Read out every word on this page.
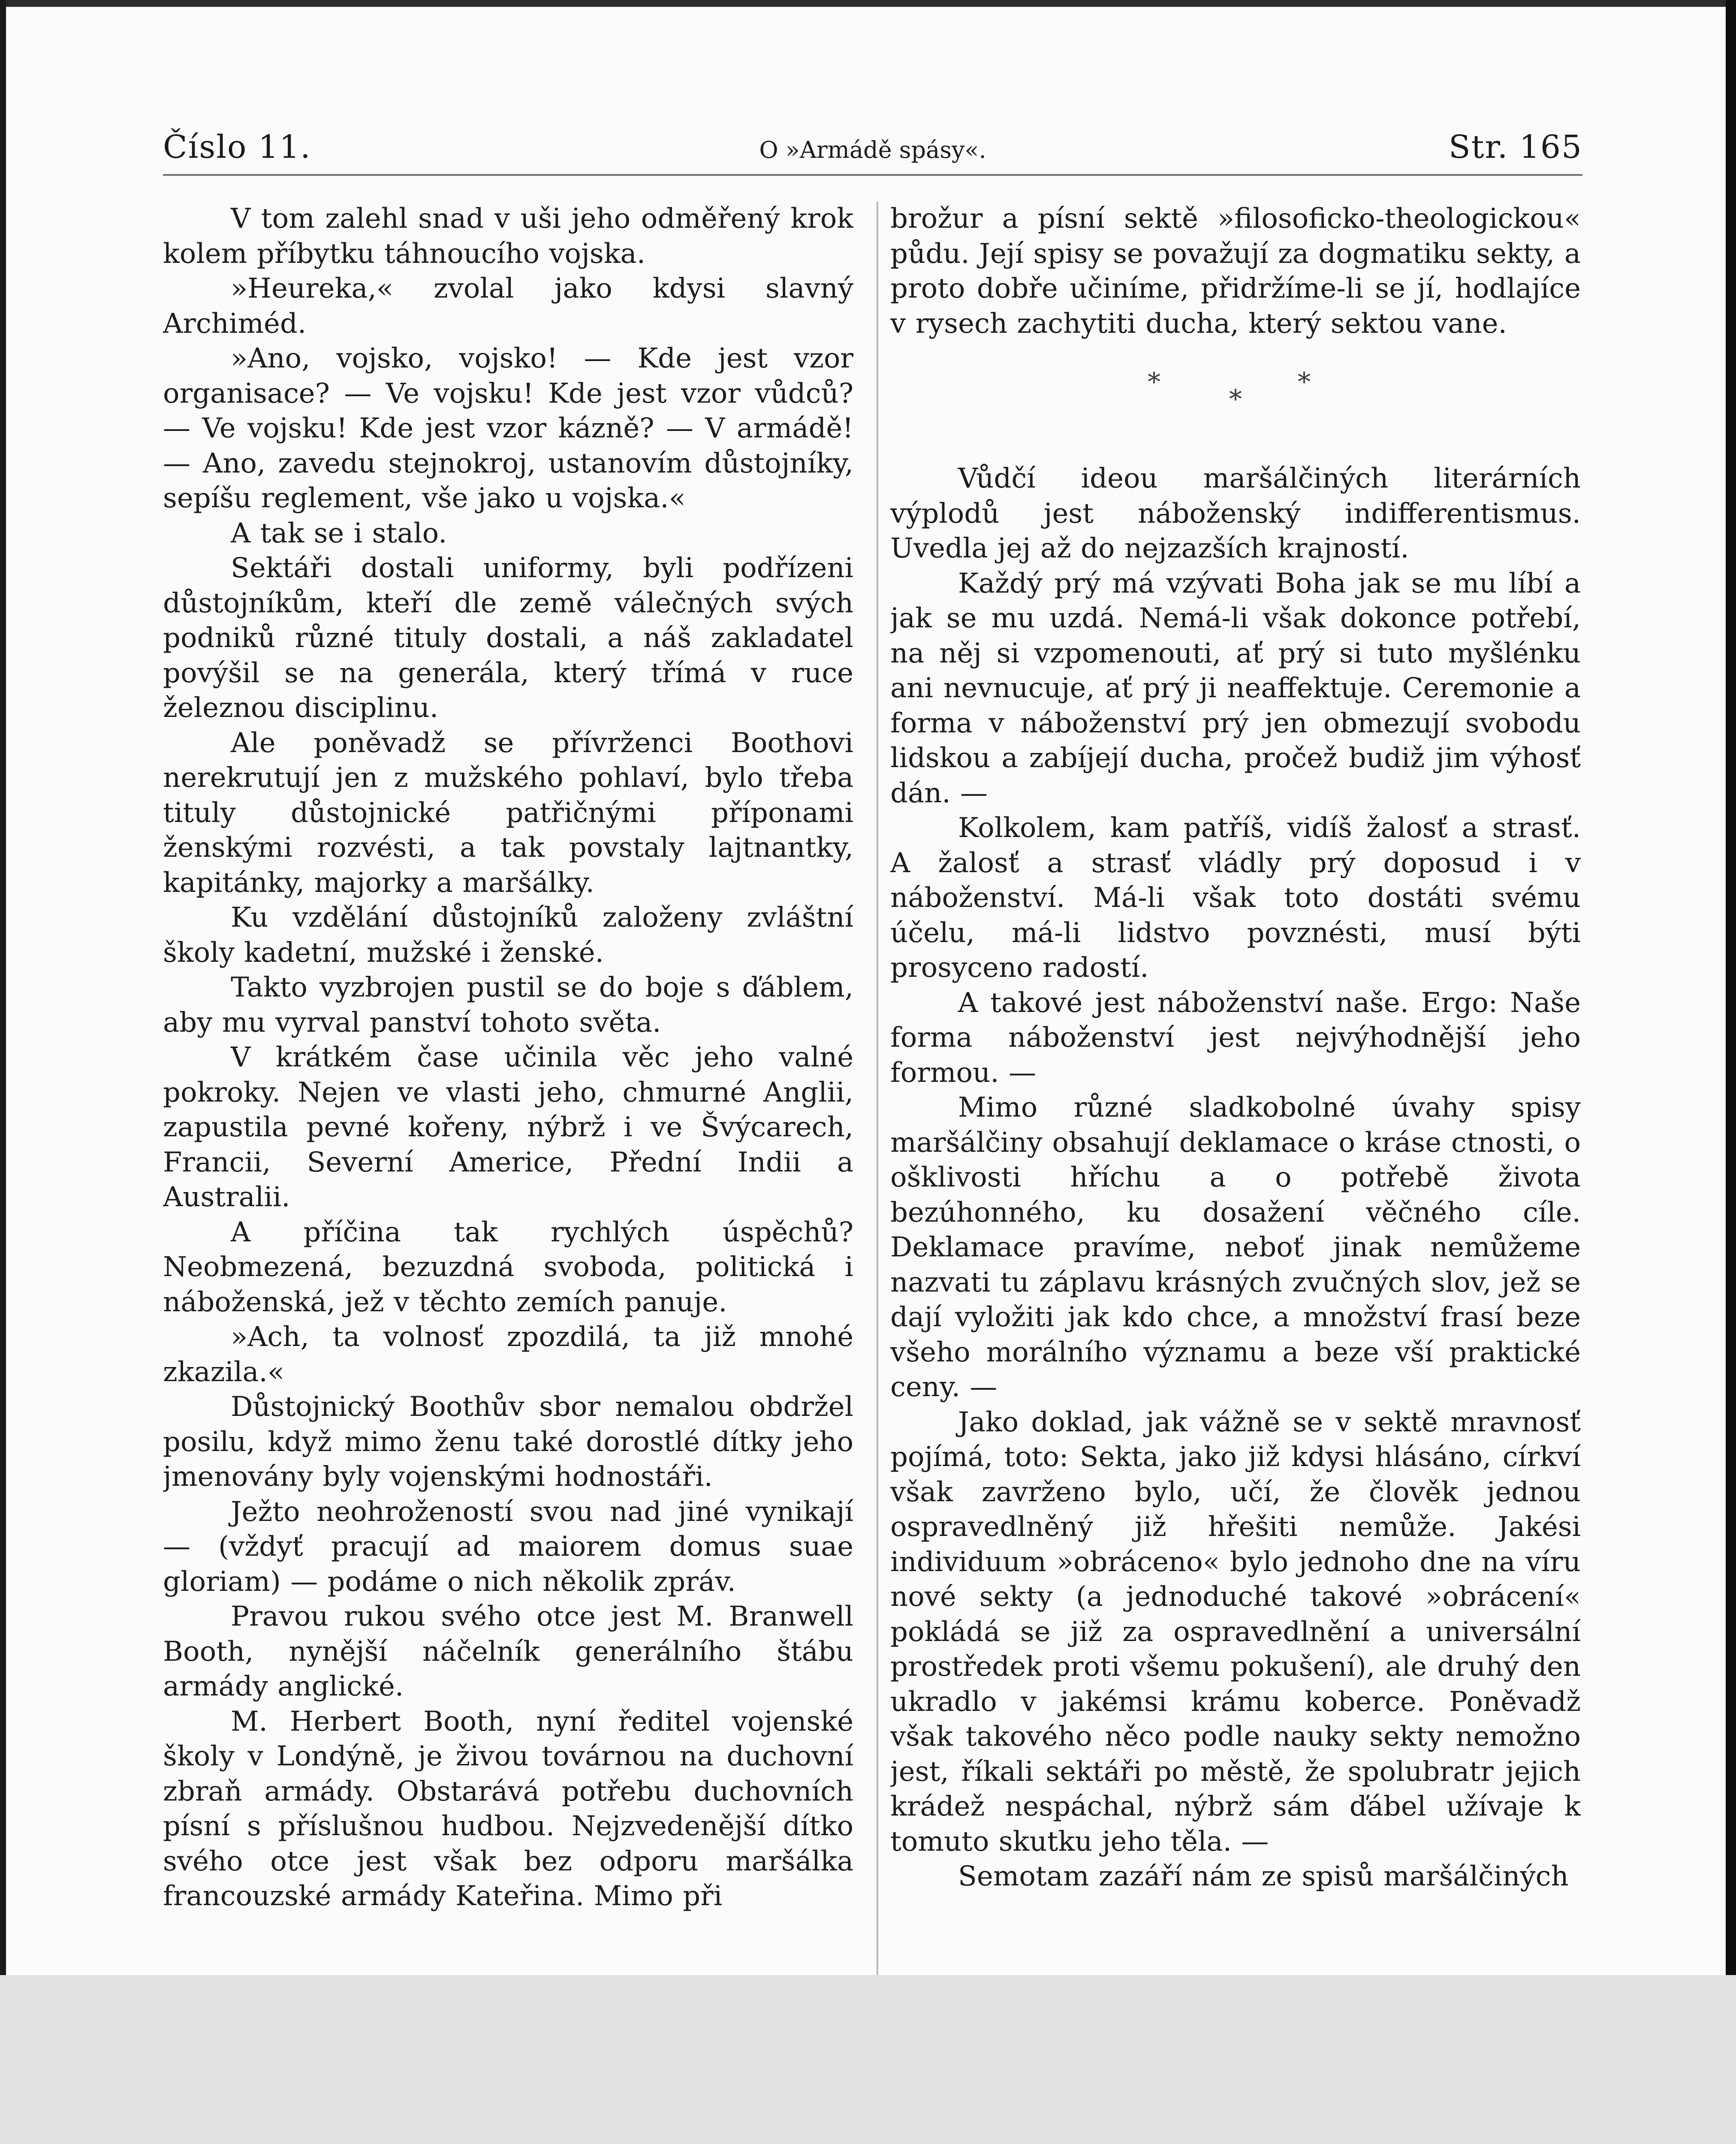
Číslo 11.	O »Armádě spásy«.	Str. 165

V tom zalehl snad v uši jeho odměřený krok kolem příbytku táhnoucího vojska.

»Heureka,« zvolal jako kdysi slavný Archiméd.

»Ano, vojsko, vojsko! — Kde jest vzor organisace? — Ve vojsku! Kde jest vzor vůdců? — Ve vojsku! Kde jest vzor kázně? — V armádě! — Ano, zavedu stejnokroj, ustanovím důstojníky, sepíšu reglement, vše jako u vojska.«

A tak se i stalo.

Sektáři dostali uniformy, byli podřízeni důstojníkům, kteří dle země válečných svých podniků různé tituly dostali, a náš zakladatel povýšil se na generála, který třímá v ruce železnou disciplinu.

Ale poněvadž se přívrženci Boothovi nerekrutují jen z mužského pohlaví, bylo třeba tituly důstojnické patřičnými příponami ženskými rozvésti, a tak povstaly lajtnantky, kapitánky, majorky a maršálky.

Ku vzdělání důstojníků založeny zvláštní školy kadetní, mužské i ženské.

Takto vyzbrojen pustil se do boje s ďáblem, aby mu vyrval panství tohoto světa.

V krátkém čase učinila věc jeho valné pokroky. Nejen ve vlasti jeho, chmurné Anglii, zapustila pevné kořeny, nýbrž i ve Švýcarech, Francii, Severní Americe, Přední Indii a Australii.

A příčina tak rychlých úspěchů? Neobmezená, bezuzdná svoboda, politická i náboženská, jež v těchto zemích panuje.

»Ach, ta volnosť zpozdilá, ta již mnohé zkazila.«

Důstojnický Boothův sbor nemalou obdržel posilu, když mimo ženu také dorostlé dítky jeho jmenovány byly vojenskými hodnostáři.

Ježto neohrožeností svou nad jiné vynikají — (vždyť pracují ad maiorem domus suae gloriam) — podáme o nich několik zpráv.

Pravou rukou svého otce jest M. Branwell Booth, nynější náčelník generálního štábu armády anglické.

M. Herbert Booth, nyní ředitel vojenské školy v Londýně, je živou továrnou na duchovní zbraň armády. Obstarává potřebu duchovních písní s příslušnou hudbou. Nejzvedenější dítko svého otce jest však bez odporu maršálka francouzské armády Kateřina. Mimo při

brožur a písní sektě »filosoficko-theologickou« půdu. Její spisy se považují za dogmatiku sekty, a proto dobře učiníme, přidržíme-li se jí, hodlajíce v rysech zachytiti ducha, který sektou vane.

*
*
*

Vůdčí ideou maršálčiných literárních výplodů jest náboženský indifferentismus. Uvedla jej až do nejzazších krajností.

Každý prý má vzývati Boha jak se mu líbí a jak se mu uzdá. Nemá-li však dokonce potřebí, na něj si vzpomenouti, ať prý si tuto myšlénku ani nevnucuje, ať prý ji neaffektuje. Ceremonie a forma v náboženství prý jen obmezují svobodu lidskou a zabíjejí ducha, pročež budiž jim výhosť dán. —

Kolkolem, kam patříš, vidíš žalosť a strasť. A žalosť a strasť vládly prý doposud i v náboženství. Má-li však toto dostáti svému účelu, má-li lidstvo povznésti, musí býti prosyceno radostí.

A takové jest náboženství naše. Ergo: Naše forma náboženství jest nejvýhodnější jeho formou. —

Mimo různé sladkobolné úvahy spisy maršálčiny obsahují deklamace o kráse ctnosti, o ošklivosti hříchu a o potřebě života bezúhonného, ku dosažení věčného cíle. Deklamace pravíme, neboť jinak nemůžeme nazvati tu záplavu krásných zvučných slov, jež se dají vyložiti jak kdo chce, a množství frasí beze všeho morálního významu a beze vší praktické ceny. —

Jako doklad, jak vážně se v sektě mravnosť pojímá, toto: Sekta, jako již kdysi hlásáno, církví však zavrženo bylo, učí, že člověk jednou ospravedlněný již hřešiti nemůže. Jakési individuum »obráceno« bylo jednoho dne na víru nové sekty (a jednoduché takové »obrácení« pokládá se již za ospravedlnění a universální prostředek proti všemu pokušení), ale druhý den ukradlo v jakémsi krámu koberce. Poněvadž však takového něco podle nauky sekty nemožno jest, říkali sektáři po městě, že spolubratr jejich krádež nespáchal, nýbrž sám ďábel užívaje k tomuto skutku jeho těla. —

Semotam zazáří nám ze spisů maršálčiných
